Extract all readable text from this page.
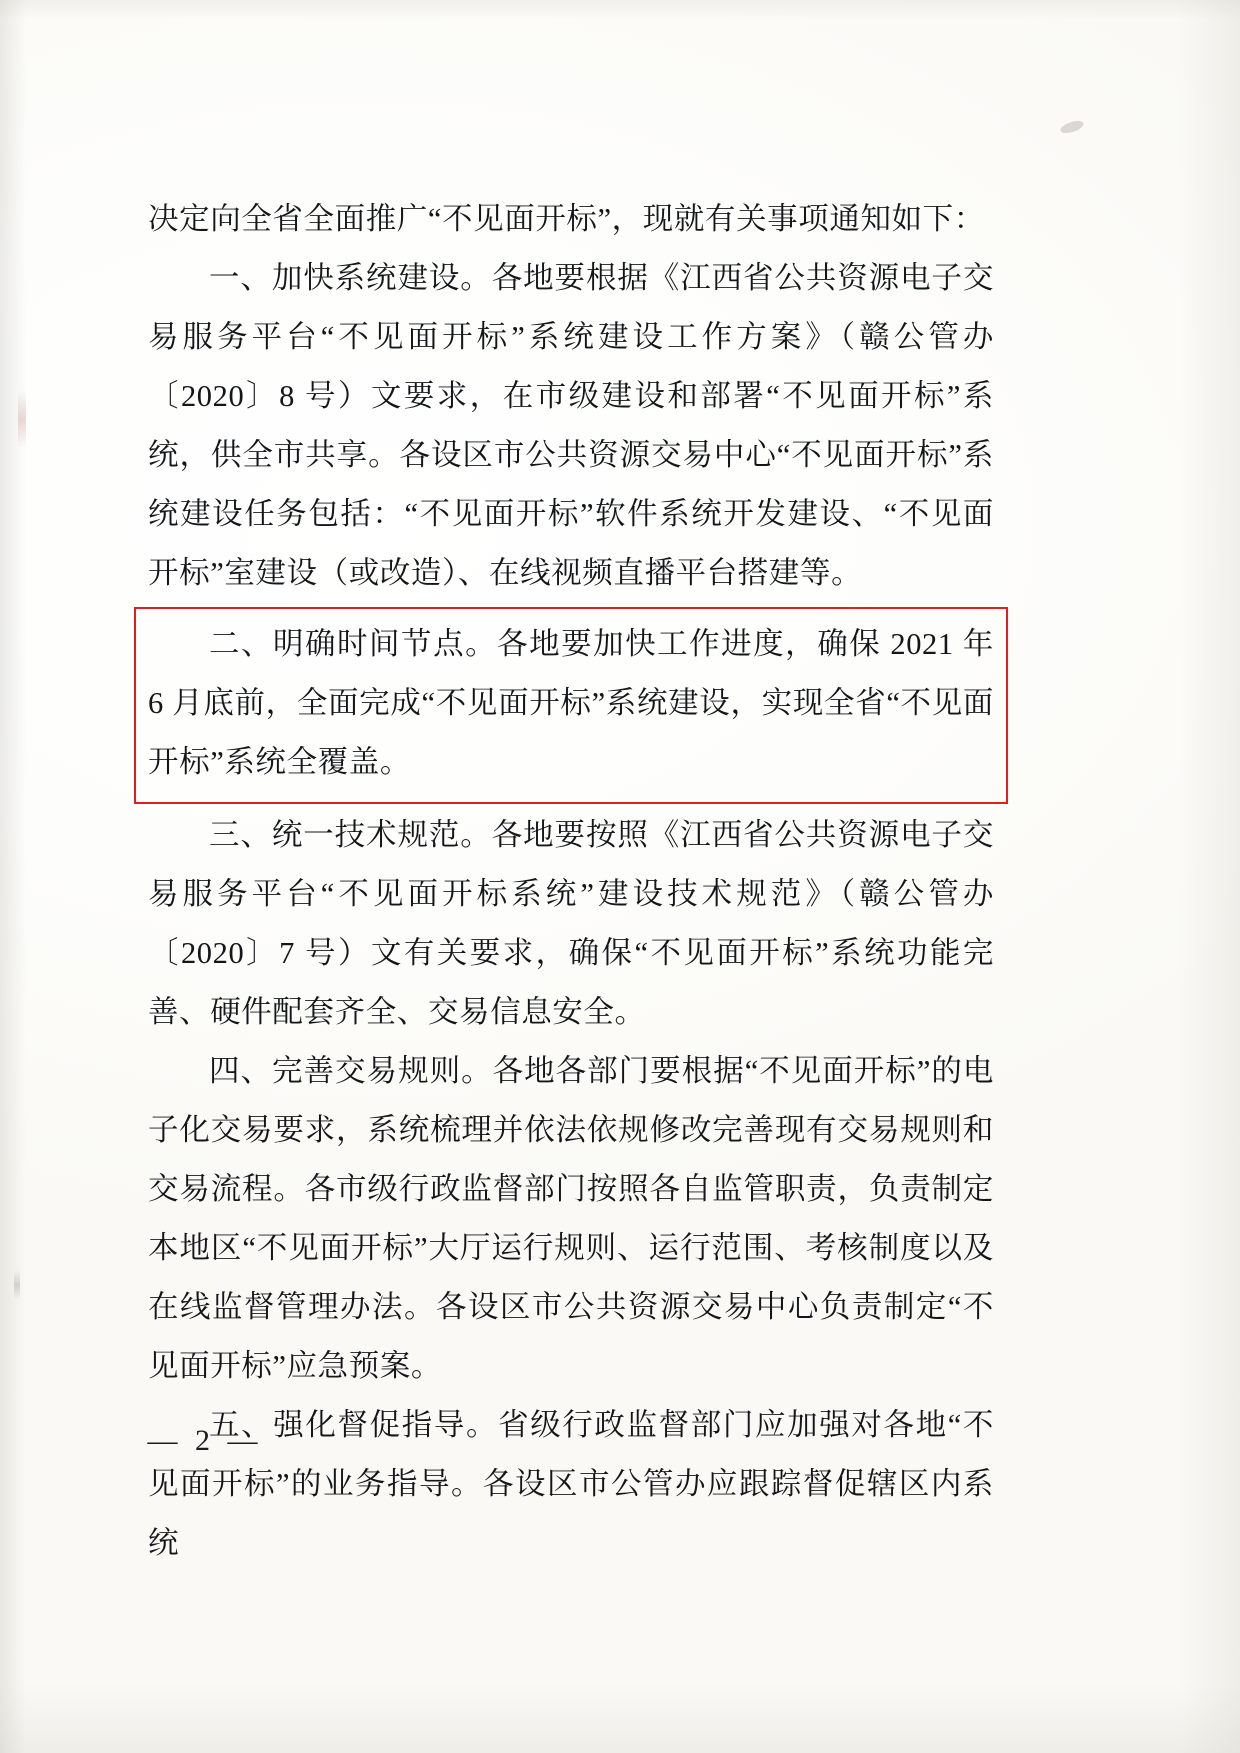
决定向全省全面推广“不见面开标”，现就有关事项通知如下：

一、加快系统建设。各地要根据《江西省公共资源电子交易服务平台“不见面开标”系统建设工作方案》（赣公管办〔2020〕8 号）文要求，在市级建设和部署“不见面开标”系统，供全市共享。各设区市公共资源交易中心“不见面开标”系统建设任务包括：“不见面开标”软件系统开发建设、“不见面开标”室建设（或改造）、在线视频直播平台搭建等。

二、明确时间节点。各地要加快工作进度，确保 2021 年 6 月底前，全面完成“不见面开标”系统建设，实现全省“不见面开标”系统全覆盖。

三、统一技术规范。各地要按照《江西省公共资源电子交易服务平台“不见面开标系统”建设技术规范》（赣公管办〔2020〕7 号）文有关要求，确保“不见面开标”系统功能完善、硬件配套齐全、交易信息安全。

四、完善交易规则。各地各部门要根据“不见面开标”的电子化交易要求，系统梳理并依法依规修改完善现有交易规则和交易流程。各市级行政监督部门按照各自监管职责，负责制定本地区“不见面开标”大厅运行规则、运行范围、考核制度以及在线监督管理办法。各设区市公共资源交易中心负责制定“不见面开标”应急预案。

五、强化督促指导。省级行政监督部门应加强对各地“不见面开标”的业务指导。各设区市公管办应跟踪督促辖区内系统

— 2 —
